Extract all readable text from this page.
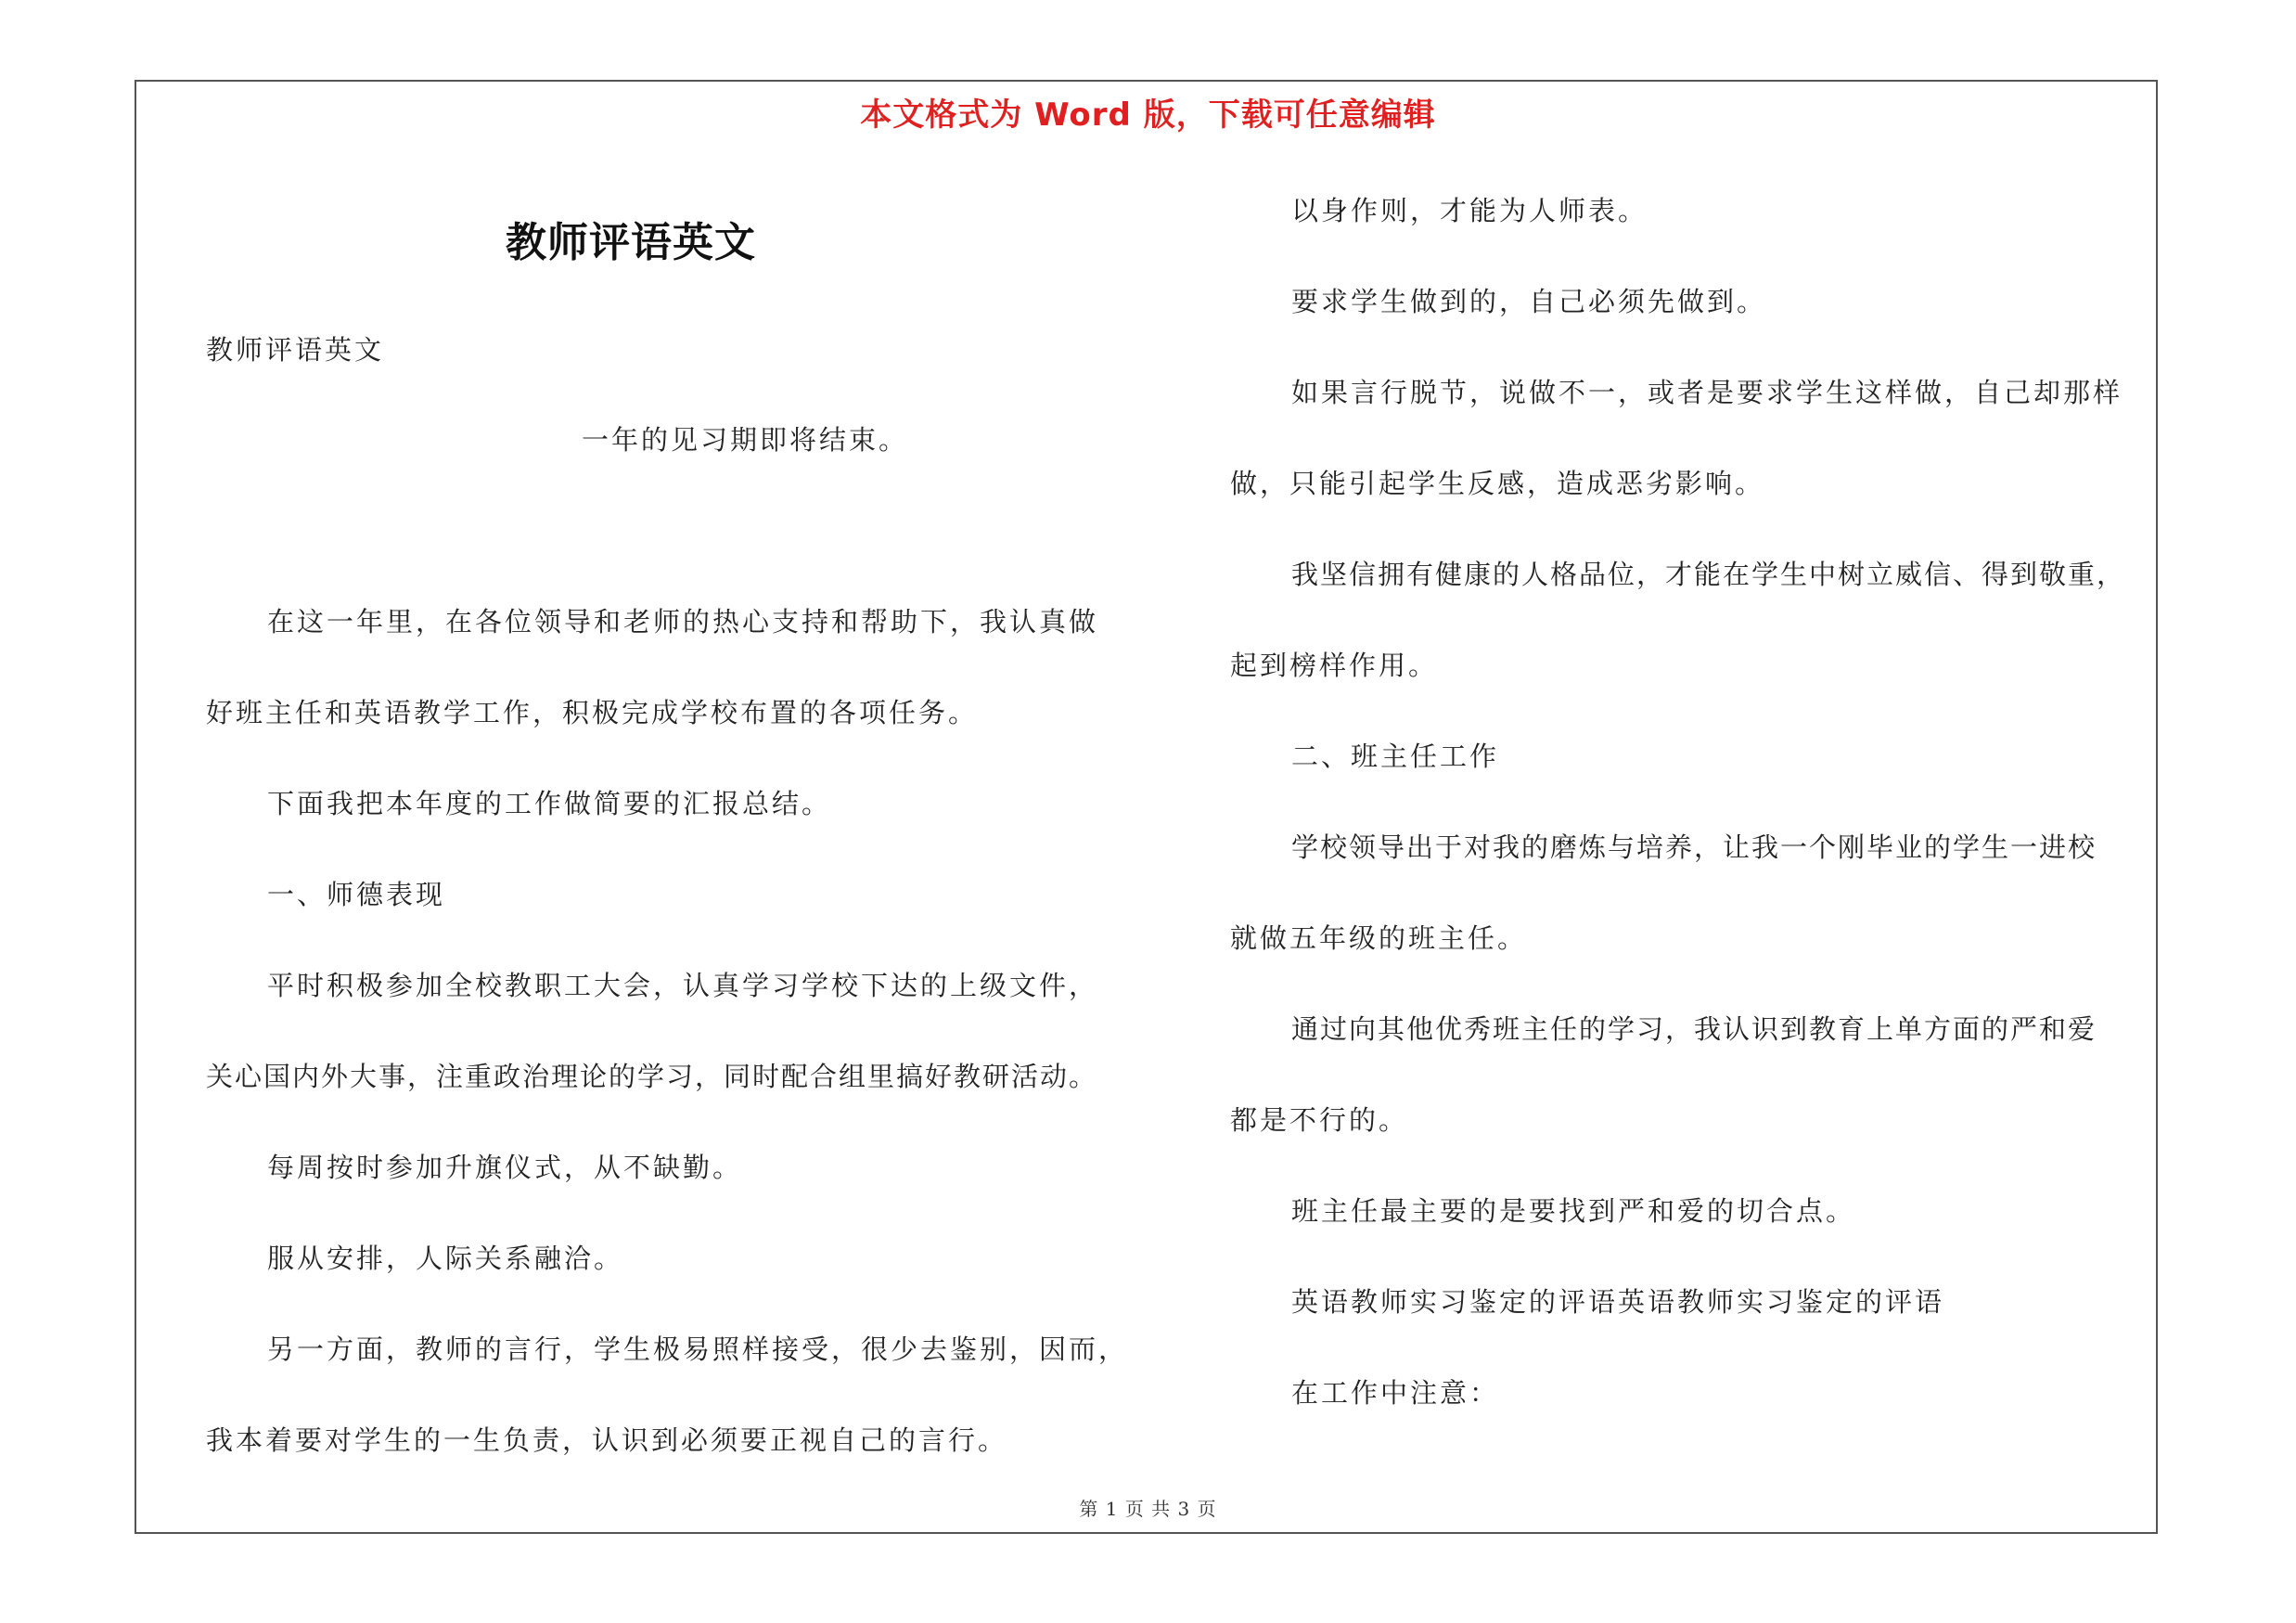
本文格式为 Word 版，下载可任意编辑
教师评语英文

教师评语英文

一年的见习期即将结束。

在这一年里，在各位领导和老师的热心支持和帮助下，我认真做

好班主任和英语教学工作，积极完成学校布置的各项任务。

下面我把本年度的工作做简要的汇报总结。

一、师德表现

平时积极参加全校教职工大会，认真学习学校下达的上级文件，

关心国内外大事，注重政治理论的学习，同时配合组里搞好教研活动。

每周按时参加升旗仪式，从不缺勤。

服从安排，人际关系融洽。

另一方面，教师的言行，学生极易照样接受，很少去鉴别，因而，

我本着要对学生的一生负责，认识到必须要正视自己的言行。

以身作则，才能为人师表。

要求学生做到的，自己必须先做到。

如果言行脱节，说做不一，或者是要求学生这样做，自己却那样

做，只能引起学生反感，造成恶劣影响。

我坚信拥有健康的人格品位，才能在学生中树立威信、得到敬重，

起到榜样作用。

二、班主任工作

学校领导出于对我的磨炼与培养，让我一个刚毕业的学生一进校

就做五年级的班主任。

通过向其他优秀班主任的学习，我认识到教育上单方面的严和爱

都是不行的。

班主任最主要的是要找到严和爱的切合点。

英语教师实习鉴定的评语英语教师实习鉴定的评语

在工作中注意：

第 1 页 共 3 页
